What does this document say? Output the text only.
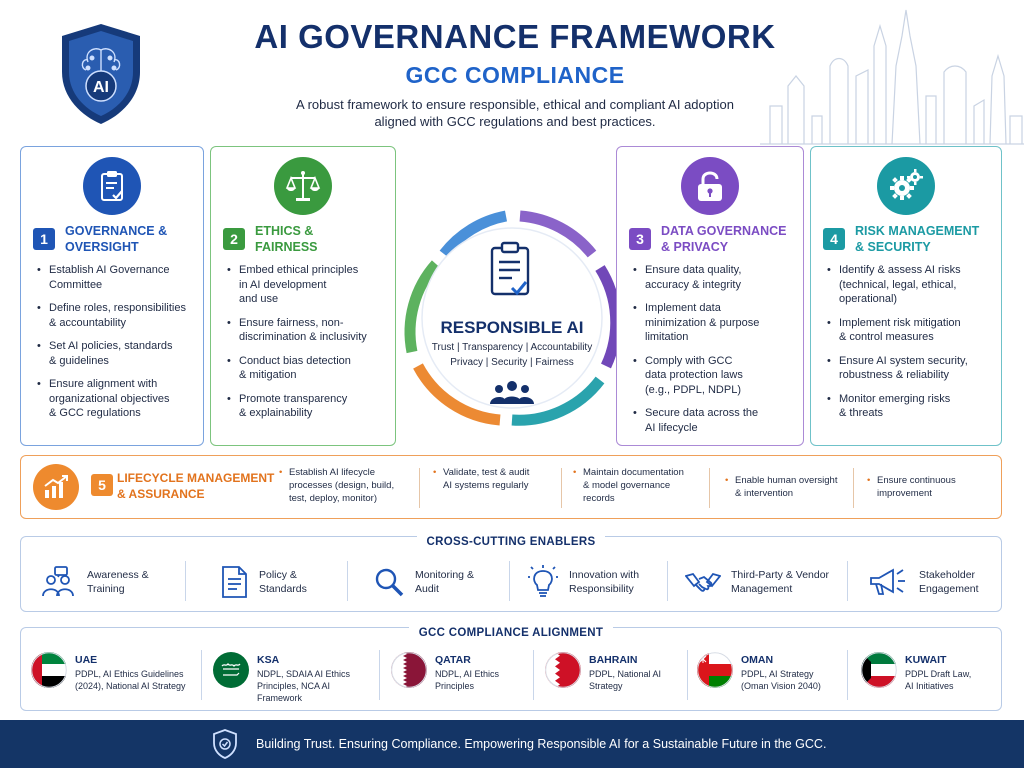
AI
AI GOVERNANCE FRAMEWORK
GCC COMPLIANCE
A robust framework to ensure responsible, ethical and compliant AI adoption
aligned with GCC regulations and best practices.
1	GOVERNANCE &
OVERSIGHT
• Establish AI Governance
Committee
• Define roles, responsibilities
& accountability
• Set AI policies, standards
& guidelines
• Ensure alignment with
organizational objectives
& GCC regulations
2	ETHICS &
FAIRNESS
• Embed ethical principles
in AI development
and use
• Ensure fairness, non-
discrimination & inclusivity
• Conduct bias detection
& mitigation
• Promote transparency
& explainability
RESPONSIBLE AI
Trust | Transparency | Accountability
Privacy | Security | Fairness
3	DATA GOVERNANCE
& PRIVACY
• Ensure data quality,
accuracy & integrity
• Implement data
minimization & purpose
limitation
• Comply with GCC
data protection laws
(e.g., PDPL, NDPL)
• Secure data across the
AI lifecycle
4	RISK MANAGEMENT
& SECURITY
• Identify & assess AI risks
(technical, legal, ethical,
operational)
• Implement risk mitigation
& control measures
• Ensure AI system security,
robustness & reliability
• Monitor emerging risks
& threats
5 LIFECYCLE MANAGEMENT
& ASSURANCE
• Establish AI lifecycle
processes (design, build,
test, deploy, monitor)
• Validate, test & audit
AI systems regularly
• Maintain documentation
& model governance
records
• Enable human oversight
& intervention
• Ensure continuous
improvement
CROSS-CUTTING ENABLERS
Awareness &
Training
Policy &
Standards
Monitoring &
Audit
Innovation with
Responsibility
Third-Party & Vendor
Management
Stakeholder
Engagement
GCC COMPLIANCE ALIGNMENT
UAE
PDPL, AI Ethics Guidelines
(2024), National AI Strategy
KSA
NDPL, SDAIA AI Ethics
Principles, NCA AI
Framework
QATAR
NDPL, AI Ethics
Principles
BAHRAIN
PDPL, National AI
Strategy
OMAN
PDPL, AI Strategy
(Oman Vision 2040)
KUWAIT
PDPL Draft Law,
AI Initiatives
Building Trust. Ensuring Compliance. Empowering Responsible AI for a Sustainable Future in the GCC.
